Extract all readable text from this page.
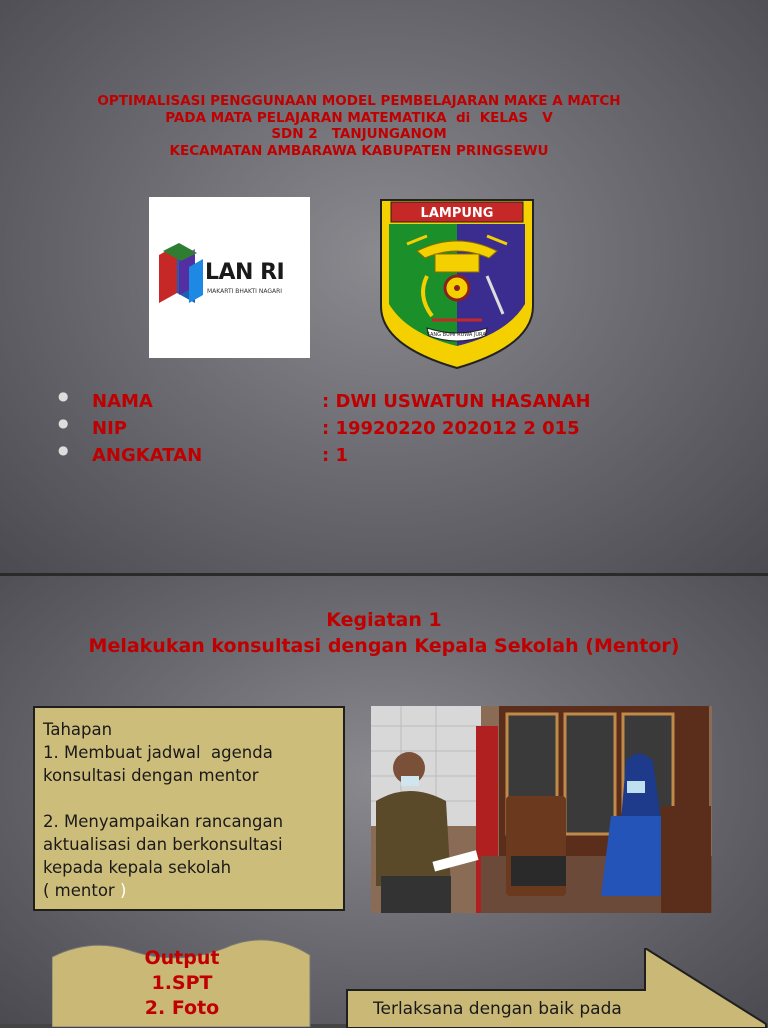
OPTIMALISASI PENGGUNAAN MODEL PEMBELAJARAN MAKE A MATCH
PADA MATA PELAJARAN MATEMATIKA  di  KELAS   V
SDN 2   TANJUNGANOM
KECAMATAN AMBARAWA KABUPATEN PRINGSEWU
LAN RI
MAKARTI BHAKTI NAGARI
LAMPUNG
SANG BUMI RUWA JURAI
● NAMA	: DWI USWATUN HASANAH
● NIP	: 19920220 202012 2 015
● ANGKATAN	: 1
Kegiatan 1
Melakukan konsultasi dengan Kepala Sekolah (Mentor)
Tahapan
1. Membuat jadwal  agenda
konsultasi dengan mentor
2. Menyampaikan rancangan
aktualisasi dan berkonsultasi
kepada kepala sekolah
( mentor )
Output
1.SPT
2. Foto	Terlaksana dengan baik pada
